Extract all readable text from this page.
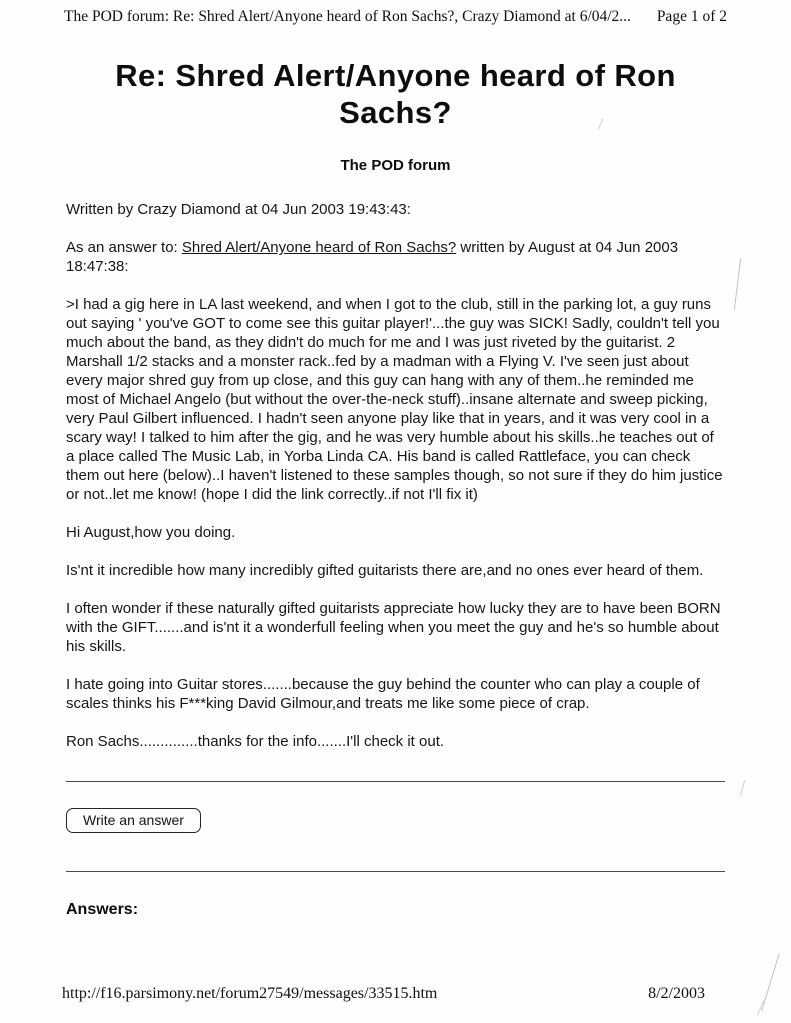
The POD forum: Re: Shred Alert/Anyone heard of Ron Sachs?, Crazy Diamond at 6/04/2... Page 1 of 2
Re: Shred Alert/Anyone heard of Ron Sachs?
The POD forum

Written by Crazy Diamond at 04 Jun 2003 19:43:43:

As an answer to: Shred Alert/Anyone heard of Ron Sachs? written by August at 04 Jun 2003 18:47:38:

>I had a gig here in LA last weekend, and when I got to the club, still in the parking lot, a guy runs out saying ' you've GOT to come see this guitar player!'...the guy was SICK! Sadly, couldn't tell you much about the band, as they didn't do much for me and I was just riveted by the guitarist. 2 Marshall 1/2 stacks and a monster rack..fed by a madman with a Flying V. I've seen just about every major shred guy from up close, and this guy can hang with any of them..he reminded me most of Michael Angelo (but without the over-the-neck stuff)..insane alternate and sweep picking, very Paul Gilbert influenced. I hadn't seen anyone play like that in years, and it was very cool in a scary way! I talked to him after the gig, and he was very humble about his skills..he teaches out of a place called The Music Lab, in Yorba Linda CA. His band is called Rattleface, you can check them out here (below)..I haven't listened to these samples though, so not sure if they do him justice or not..let me know! (hope I did the link correctly..if not I'll fix it)

Hi August,how you doing.

Is'nt it incredible how many incredibly gifted guitarists there are,and no ones ever heard of them.

I often wonder if these naturally gifted guitarists appreciate how lucky they are to have been BORN with the GIFT.......and is'nt it a wonderfull feeling when you meet the guy and he's so humble about his skills.

I hate going into Guitar stores.......because the guy behind the counter who can play a couple of scales thinks his F***king David Gilmour,and treats me like some piece of crap.

Ron Sachs..............thanks for the info.......I'll check it out.

Write an answer
Answers:
http://f16.parsimony.net/forum27549/messages/33515.htm	8/2/2003
